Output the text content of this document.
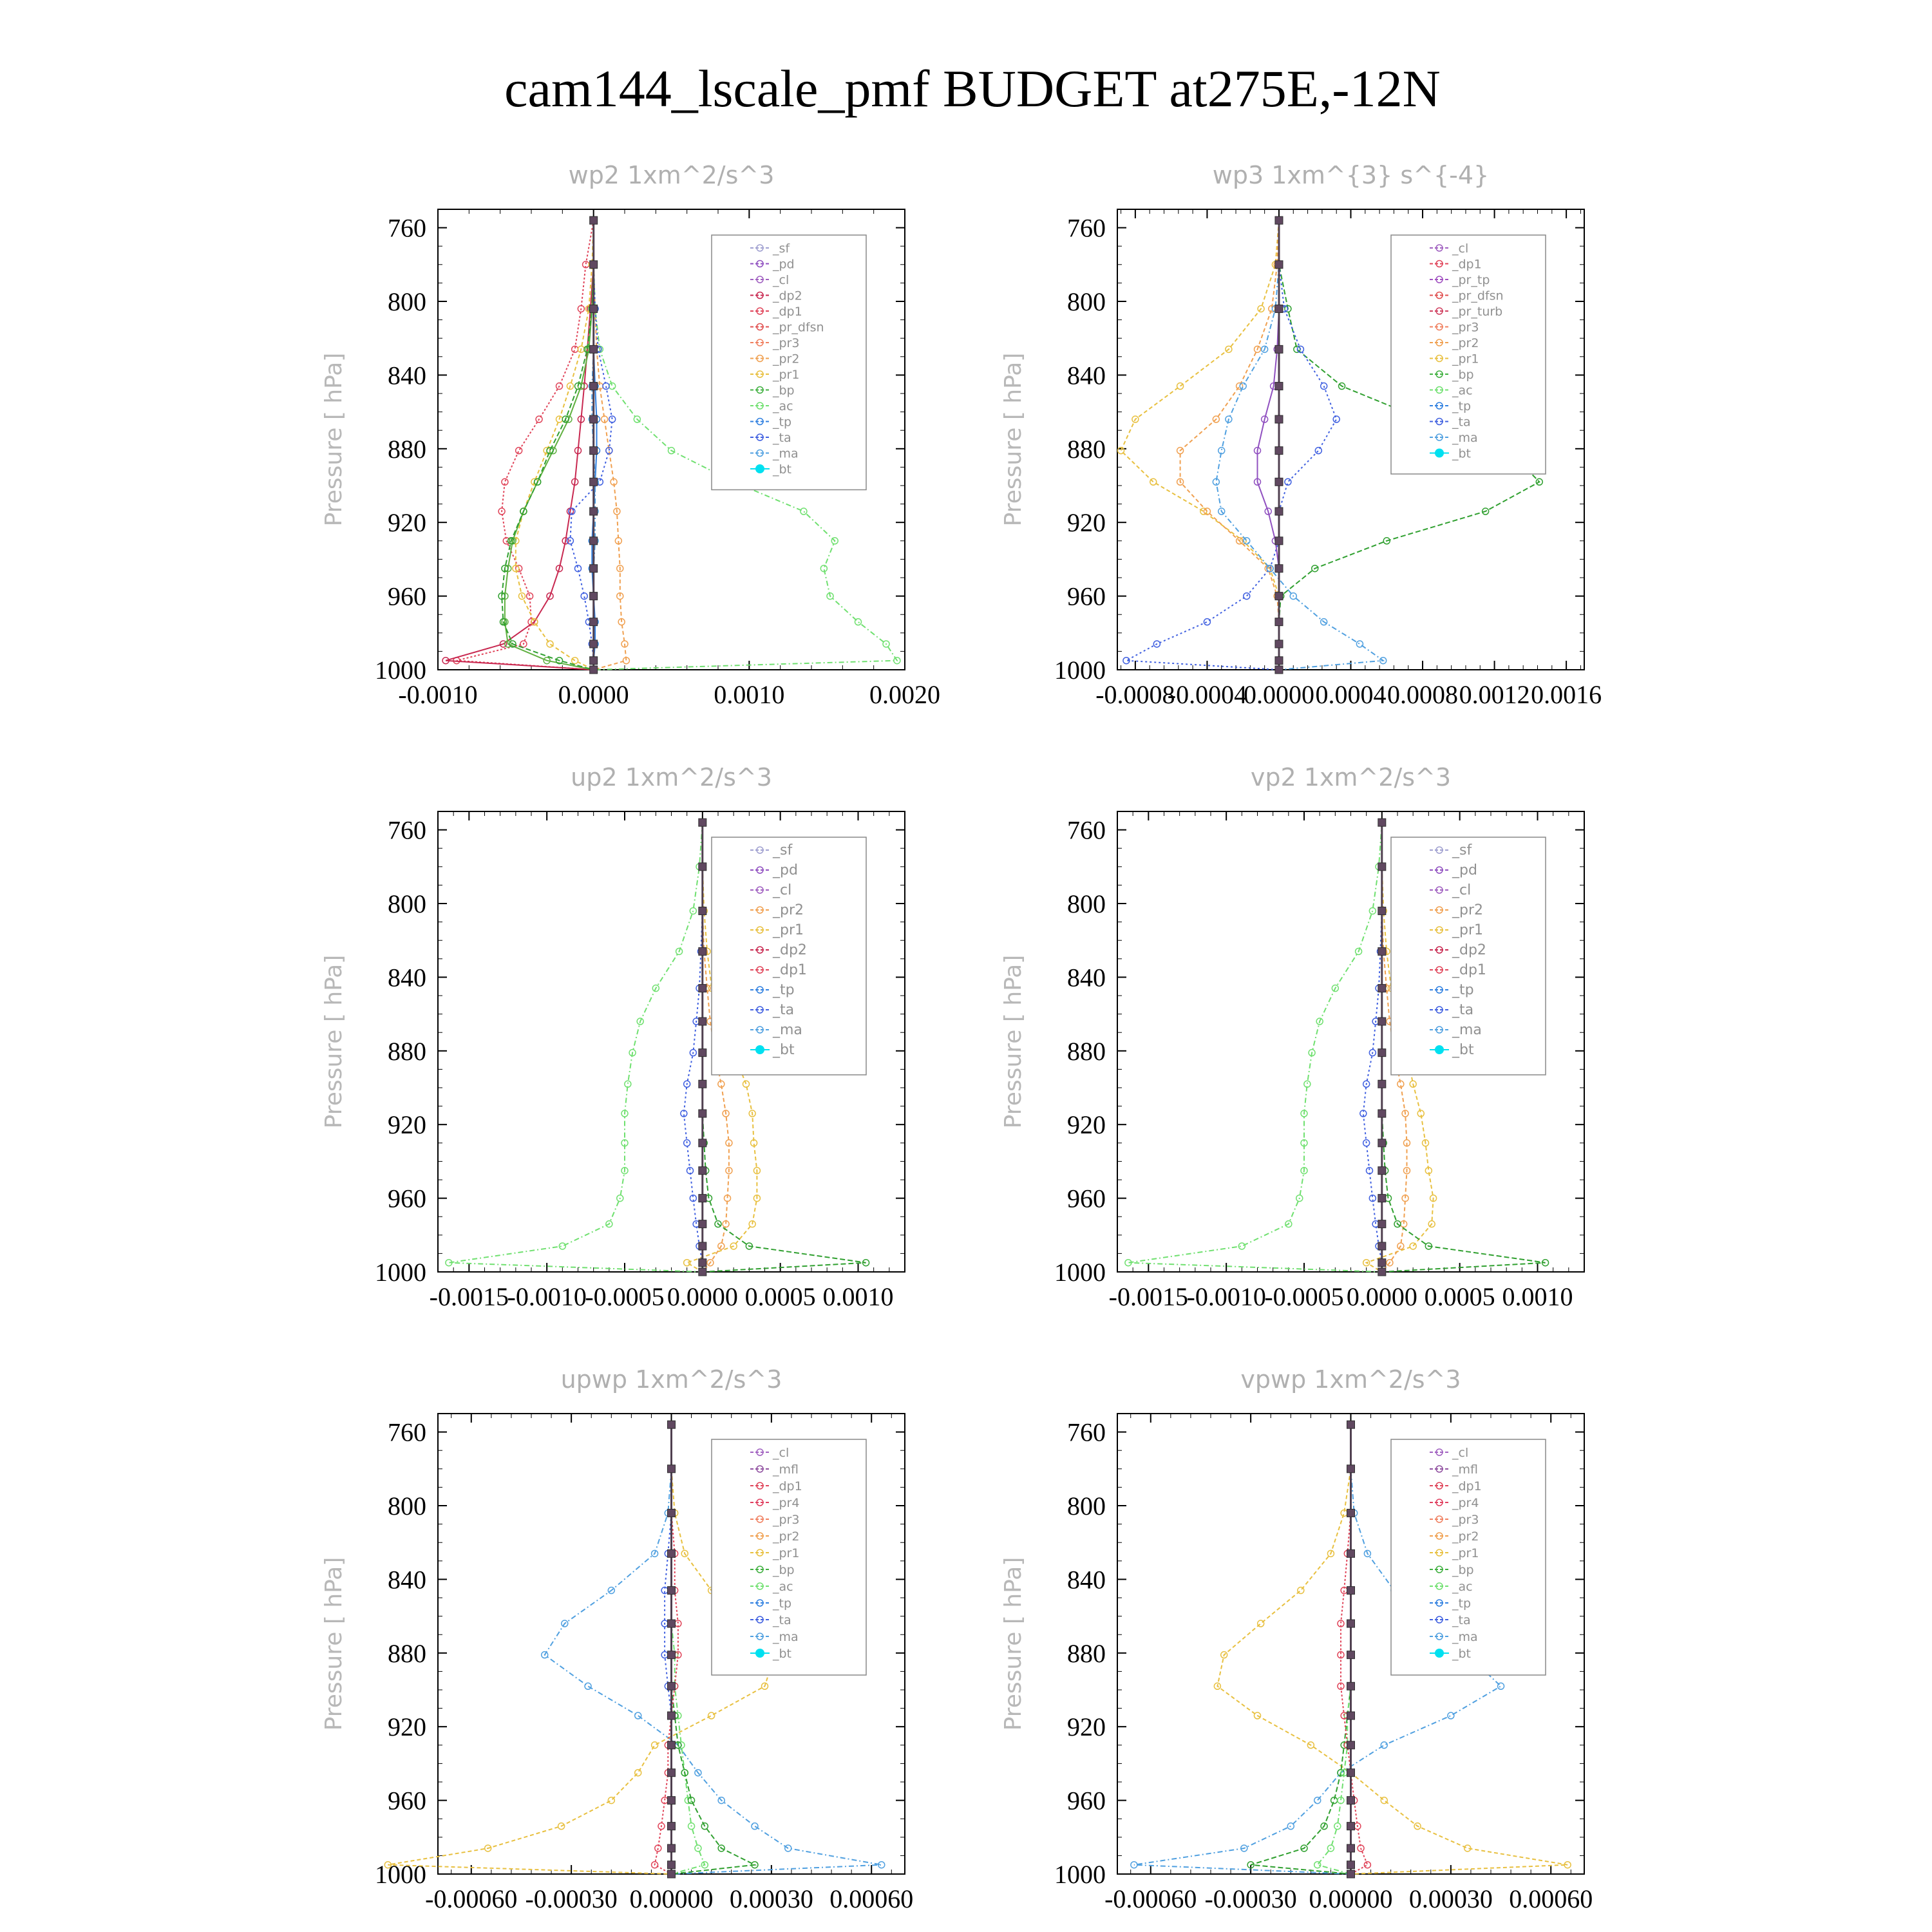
cam144_lscale_pmf BUDGET at275E,-12N
wp2 1xm^2/s^3
Pressure [ hPa]
760
800
840
880
920
960
1000
-0.0010	0.0000	0.0010	0.0020
_sf
_pd
_cl
_dp2
_dp1
_pr_dfsn
_pr3
_pr2
_pr1
_bp
_ac
_tp
_ta
_ma
_bt
wp3 1xm^{3} s^{-4}
Pressure [ hPa]
760
800
840
880
920
960
1000
-0.0008
-0.0004
0.0000 0.0004 0.0008 0.0012 0.0016
_cl
_dp1
_pr_tp
_pr_dfsn
_pr_turb
_pr3
_pr2
_pr1
_bp
_ac
_tp
_ta
_ma
_bt
up2 1xm^2/s^3
Pressure [ hPa]
760
800
840
880
920
960
1000
-0.0015
-0.0010
-0.0005 0.0000 0.0005 0.0010
_sf
_pd
_cl
_pr2
_pr1
_dp2
_dp1
_tp
_ta
_ma
_bt
vp2 1xm^2/s^3
Pressure [ hPa]
760
800
840
880
920
960
1000
-0.0015
-0.0010
-0.0005 0.0000 0.0005 0.0010
_sf
_pd
_cl
_pr2
_pr1
_dp2
_dp1
_tp
_ta
_ma
_bt
upwp 1xm^2/s^3
Pressure [ hPa]
760
800
840
880
920
960
1000
-0.00060 -0.00030 0.00000 0.00030 0.00060
_cl
_mfl
_dp1
_pr4
_pr3
_pr2
_pr1
_bp
_ac
_tp
_ta
_ma
_bt
vpwp 1xm^2/s^3
Pressure [ hPa]
760
800
840
880
920
960
1000
-0.00060 -0.00030 0.00000 0.00030 0.00060
_cl
_mfl
_dp1
_pr4
_pr3
_pr2
_pr1
_bp
_ac
_tp
_ta
_ma
_bt
